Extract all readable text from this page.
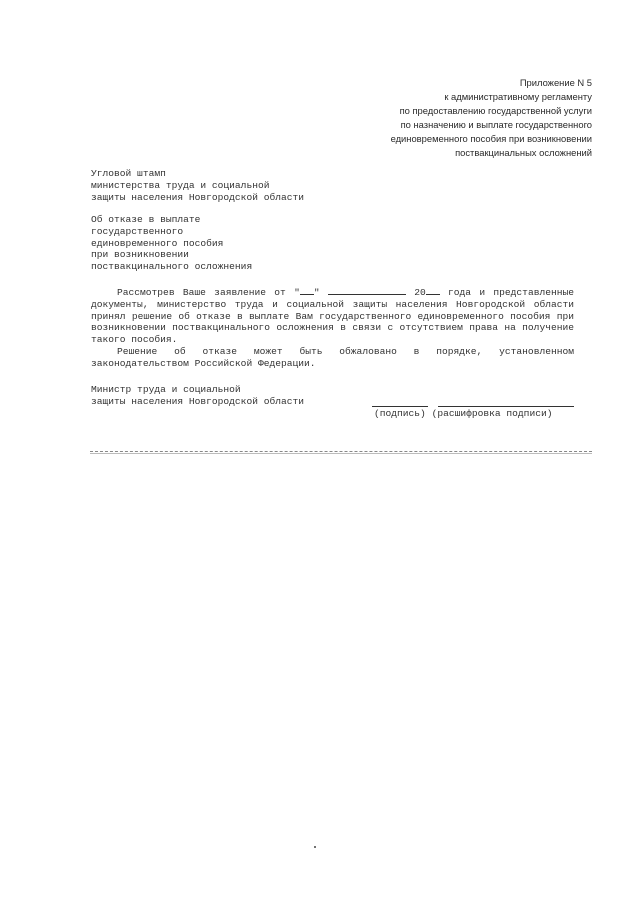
Приложение N 5
к административному регламенту
по предоставлению государственной услуги
по назначению и выплате государственного
единовременного пособия при возникновении
поствакцинальных осложнений
Угловой штамп
министерства труда и социальной
защиты населения Новгородской области
Об отказе в выплате
государственного
единовременного пособия
при возникновении
поствакцинального осложнения

Рассмотрев Ваше заявление от " "	20 года и представленные документы, министерство труда и социальной защиты населения Новгородской области принял решение об отказе в выплате Вам государственного единовременного пособия при возникновении поствакцинального осложнения в связи с отсутствием права на получение такого пособия.

Решение об отказе может быть обжаловано в порядке, установленном законодательством Российской Федерации.

Министр труда и социальной
защиты населения Новгородской области
(подпись) (расшифровка подписи)
